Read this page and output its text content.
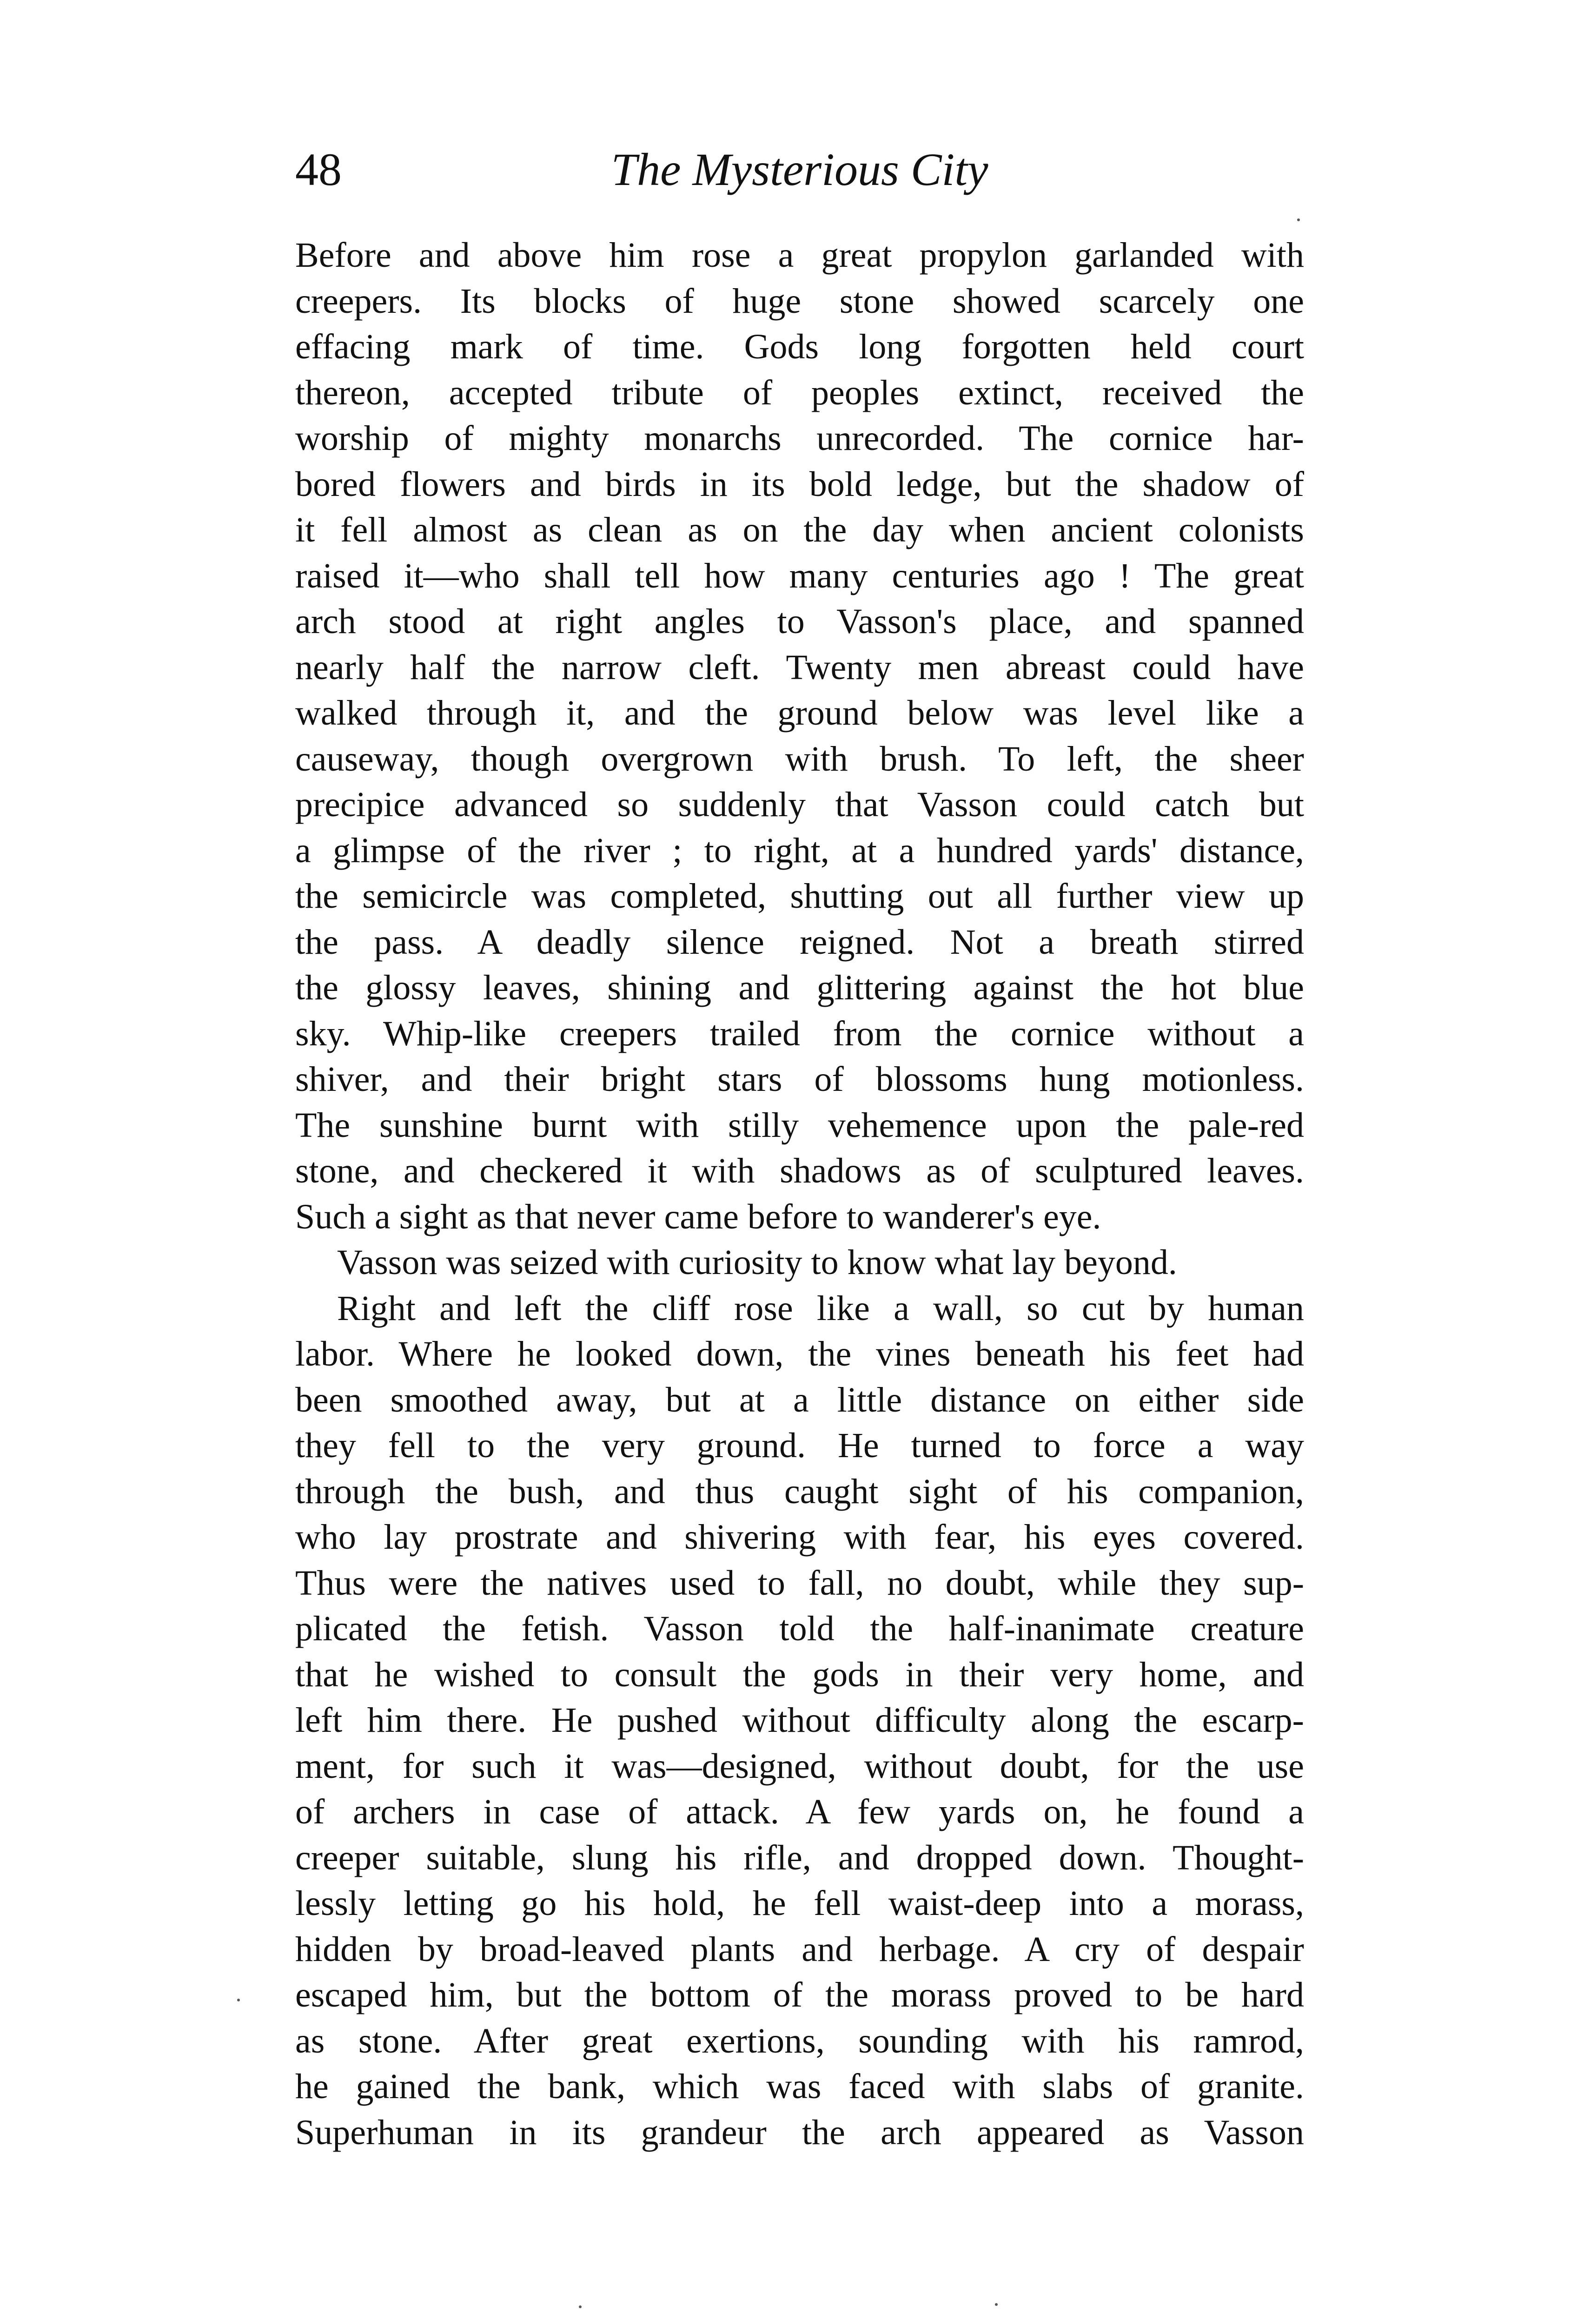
48	The Mysterious City
Before and above him rose a great propylon garlanded with
creepers. Its blocks of huge stone showed scarcely one
effacing mark of time. Gods long forgotten held court
thereon, accepted tribute of peoples extinct, received the
worship of mighty monarchs unrecorded. The cornice har-
bored flowers and birds in its bold ledge, but the shadow of
it fell almost as clean as on the day when ancient colonists
raised it—who shall tell how many centuries ago ! The great
arch stood at right angles to Vasson's place, and spanned
nearly half the narrow cleft. Twenty men abreast could have
walked through it, and the ground below was level like a
causeway, though overgrown with brush. To left, the sheer
precipice advanced so suddenly that Vasson could catch but
a glimpse of the river ; to right, at a hundred yards' distance,
the semicircle was completed, shutting out all further view up
the pass. A deadly silence reigned. Not a breath stirred
the glossy leaves, shining and glittering against the hot blue
sky. Whip-like creepers trailed from the cornice without a
shiver, and their bright stars of blossoms hung motionless.
The sunshine burnt with stilly vehemence upon the pale-red
stone, and checkered it with shadows as of sculptured leaves.
Such a sight as that never came before to wanderer's eye.
Vasson was seized with curiosity to know what lay beyond.
Right and left the cliff rose like a wall, so cut by human
labor. Where he looked down, the vines beneath his feet had
been smoothed away, but at a little distance on either side
they fell to the very ground. He turned to force a way
through the bush, and thus caught sight of his companion,
who lay prostrate and shivering with fear, his eyes covered.
Thus were the natives used to fall, no doubt, while they sup-
plicated the fetish. Vasson told the half-inanimate creature
that he wished to consult the gods in their very home, and
left him there. He pushed without difficulty along the escarp-
ment, for such it was—designed, without doubt, for the use
of archers in case of attack. A few yards on, he found a
creeper suitable, slung his rifle, and dropped down. Thought-
lessly letting go his hold, he fell waist-deep into a morass,
hidden by broad-leaved plants and herbage. A cry of despair
escaped him, but the bottom of the morass proved to be hard
as stone. After great exertions, sounding with his ramrod,
he gained the bank, which was faced with slabs of granite.
Superhuman in its grandeur the arch appeared as Vasson
